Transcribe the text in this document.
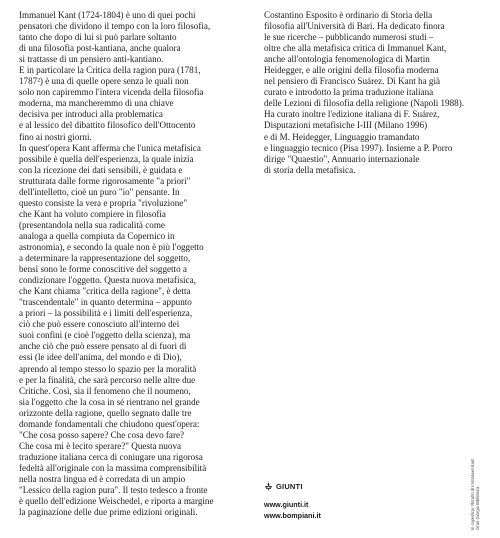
Immanuel Kant (1724-1804) è uno di quei pochi
pensatori che dividono il tempo con la loro filosofia,
tanto che dopo di lui si può parlare soltanto
di una filosofia post-kantiana, anche qualora
si trattasse di un pensiero anti-kantiano.
E in particolare la Critica della ragion pura (1781,
1787²) è una di quelle opere senza le quali non
solo non capiremmo l'intera vicenda della filosofia
moderna, ma mancheremmo di una chiave
decisiva per introduci alla problematica
e al lessico del dibattito filosofico dell'Ottocento
fino ai nostri giorni.
In quest'opera Kant afferma che l'unica metafisica
possibile è quella dell'esperienza, la quale inizia
con la ricezione dei dati sensibili, è guidata e
strutturata dalle forme rigorosamente "a priori"
dell'intelletto, cioè un puro "io" pensante. In
questo consiste la vera e propria "rivoluzione"
che Kant ha voluto compiere in filosofia
(presentandola nella sua radicalità come
analoga a quella compiuta da Copernico in
astronomia), e secondo la quale non è più l'oggetto
a determinare la rappresentazione del soggetto,
bensì sono le forme conoscitive del soggetto a
condizionare l'oggetto. Questa nuova metafisica,
che Kant chiama "critica della ragione", è detta
"trascendentale" in quanto determina – appunto
a priori – la possibilità e i limiti dell'esperienza,
ciò che può essere conosciuto all'interno dei
suoi confini (e cioè l'oggetto della scienza), ma
anche ciò che può essere pensato al di fuori di
essi (le idee dell'anima, del mondo e di Dio),
aprendo al tempo stesso lo spazio per la moralità
e per la finalità, che sarà percorso nelle altre due
Critiche. Così, sia il fenomeno che il noumeno,
sia l'oggetto che la cosa in sé rientrano nel grande
orizzonte della ragione, quello segnato dalle tre
domande fondamentali che chiudono quest'opera:
"Che cosa posso sapere? Che cosa devo fare?
Che cosa mi è lecito sperare?" Questa nuova
traduzione italiana cerca di coniugare una rigorosa
fedeltà all'originale con la massima comprensibilità
nella nostra lingua ed è corredata di un ampio
"Lessico della ragion pura". Il testo tedesco a fronte
è quello dell'edizione Weischedel, e riporta a margine
la paginazione delle due prime edizioni originali.
Costantino Esposito è ordinario di Storia della
filosofia all'Università di Bari. Ha dedicato finora
le sue ricerche – pubblicando numerosi studi –
oltre che alla metafisica critica di Immanuel Kant,
anche all'ontologia fenomenologica di Martin
Heidegger, e alle origini della filosofia moderna
nel pensiero di Francisco Suárez. Di Kant ha già
curato e introdotto la prima traduzione italiana
delle Lezioni di filosofia della religione (Napoli 1988).
Ha curato inoltre l'edizione italiana di F. Suárez,
Disputazioni metafisiche I-III (Milano 1996)
e di M. Heidegger, Linguaggio tramandato
e linguaggio tecnico (Pisa 1997). Insieme a P. Porro
dirige "Quaestio", Annuario internazionale
di storia della metafisica.
GIUNTI
www.giunti.it
www.bompiani.it	In copertina: Ritratto di Immanuel Kant Gran Giorgio Biblioteca
